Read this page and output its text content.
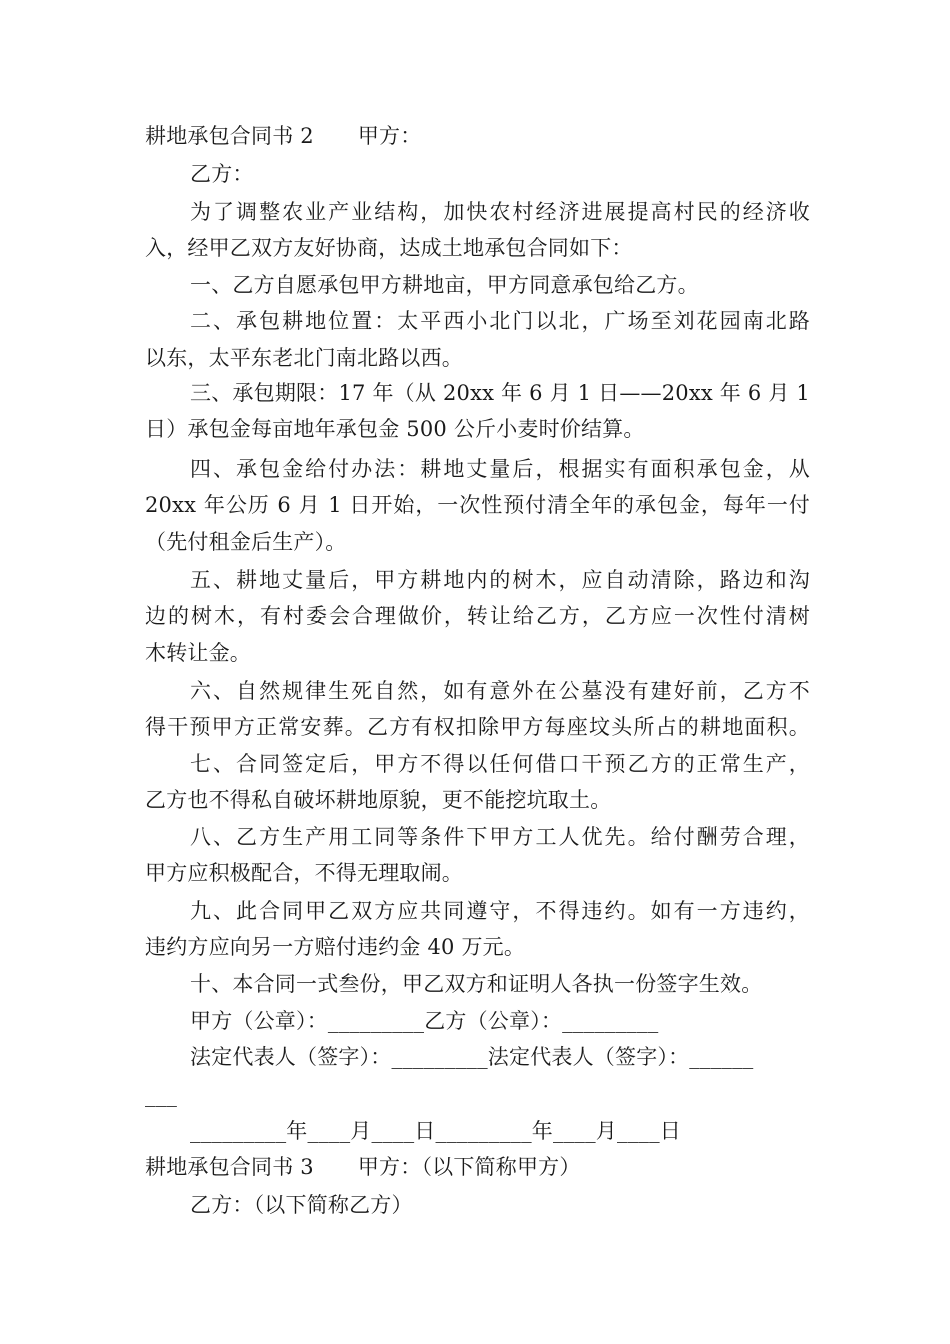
耕地承包合同书 2 甲方：
乙方：
为了调整农业产业结构，加快农村经济进展提高村民的经济收
入，经甲乙双方友好协商，达成土地承包合同如下：
一、乙方自愿承包甲方耕地亩，甲方同意承包给乙方。
二、承包耕地位置：太平西小北门以北，广场至刘花园南北路
以东，太平东老北门南北路以西。
三、承包期限：17 年（从 20xx 年 6 月 1 日——20xx 年 6 月 1
日）承包金每亩地年承包金 500 公斤小麦时价结算。
四、承包金给付办法：耕地丈量后，根据实有面积承包金，从
20xx 年公历 6 月 1 日开始，一次性预付清全年的承包金，每年一付
（先付租金后生产）。
五、耕地丈量后，甲方耕地内的树木，应自动清除，路边和沟
边的树木，有村委会合理做价，转让给乙方，乙方应一次性付清树
木转让金。
六、自然规律生死自然，如有意外在公墓没有建好前，乙方不
得干预甲方正常安葬。乙方有权扣除甲方每座坟头所占的耕地面积。
七、合同签定后，甲方不得以任何借口干预乙方的正常生产，
乙方也不得私自破坏耕地原貌，更不能挖坑取土。
八、乙方生产用工同等条件下甲方工人优先。给付酬劳合理，
甲方应积极配合，不得无理取闹。
九、此合同甲乙双方应共同遵守，不得违约。如有一方违约，
违约方应向另一方赔付违约金 40 万元。
十、本合同一式叁份，甲乙双方和证明人各执一份签字生效。
甲方（公章）：_________乙方（公章）：_________
法定代表人（签字）：_________法定代表人（签字）：______
___
_________年____月____日_________年____月____日
耕地承包合同书 3 甲方：（以下简称甲方）
乙方：（以下简称乙方）
